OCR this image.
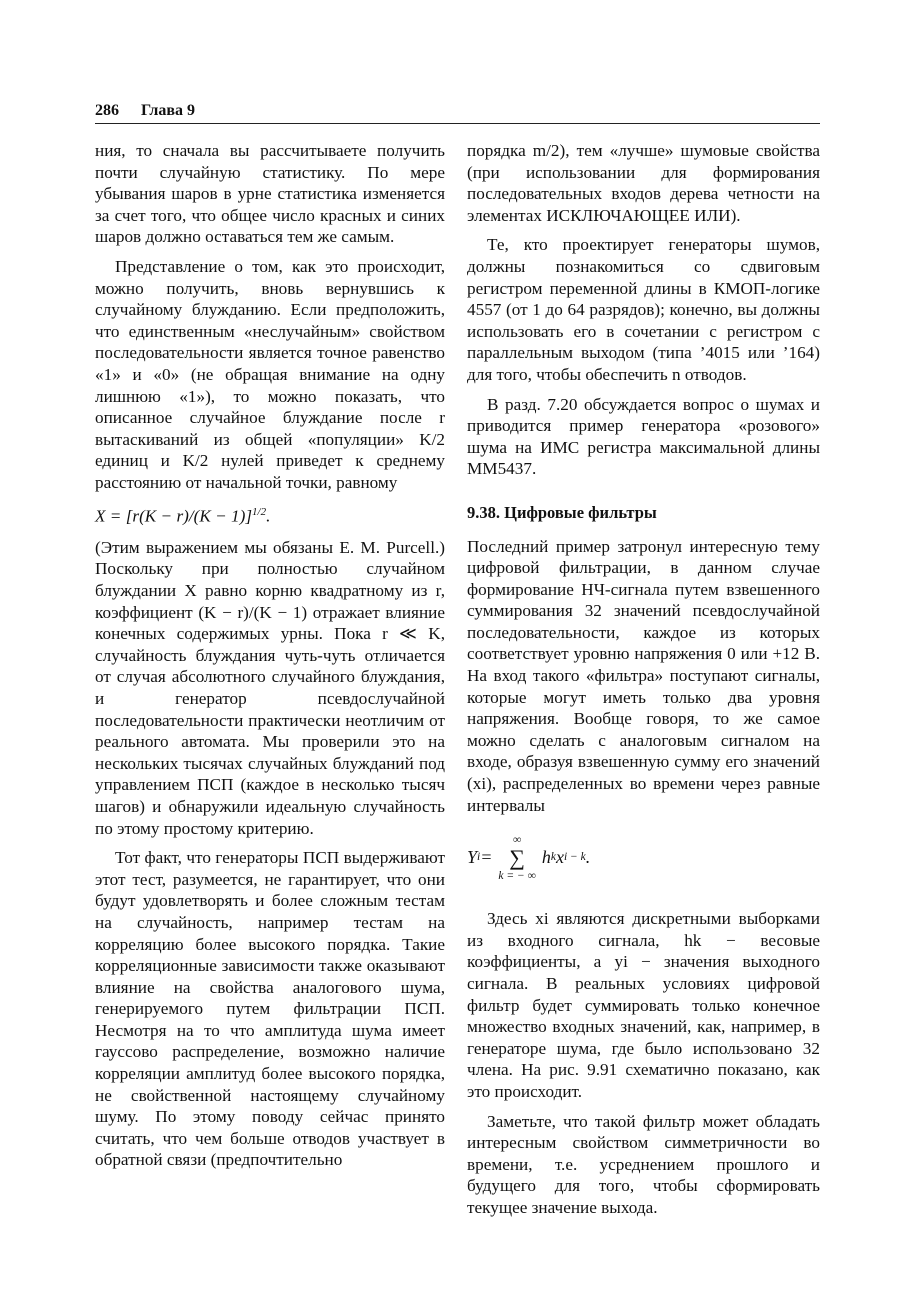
286 Глава 9

ния, то сначала вы рассчитываете получить почти случайную статистику. По мере убывания шаров в урне статистика изменяется за счет того, что общее число красных и синих шаров должно оставаться тем же самым.

Представление о том, как это происходит, можно получить, вновь вернувшись к случайному блужданию. Если предположить, что единственным «неслучайным» свойством последовательности является точное равенство «1» и «0» (не обращая внимание на одну лишнюю «1»), то можно показать, что описанное случайное блуждание после r вытаскиваний из общей «популяции» K/2 единиц и K/2 нулей приведет к среднему расстоянию от начальной точки, равному

$X = [r(K - r)/(K - 1)]^{1/2}$.

(Этим выражением мы обязаны E. M. Purcell.) Поскольку при полностью случайном блуждании X равно корню квадратному из r, коэффициент (K − r)/(K − 1) отражает влияние конечных содержимых урны. Пока r ≪ K, случайность блуждания чуть-чуть отличается от случая абсолютного случайного блуждания, и генератор псевдослучайной последовательности практически неотличим от реального автомата. Мы проверили это на нескольких тысячах случайных блужданий под управлением ПСП (каждое в несколько тысяч шагов) и обнаружили идеальную случайность по этому простому критерию.

Тот факт, что генераторы ПСП выдерживают этот тест, разумеется, не гарантирует, что они будут удовлетворять и более сложным тестам на случайность, например тестам на корреляцию более высокого порядка. Такие корреляционные зависимости также оказывают влияние на свойства аналогового шума, генерируемого путем фильтрации ПСП. Несмотря на то что амплитуда шума имеет гауссово распределение, возможно наличие корреляции амплитуд более высокого порядка, не свойственной настоящему случайному шуму. По этому поводу сейчас принято считать, что чем больше отводов участвует в обратной связи (предпочтительно

порядка m/2), тем «лучше» шумовые свойства (при использовании для формирования последовательных входов дерева четности на элементах ИСКЛЮЧАЮЩЕЕ ИЛИ).

Те, кто проектирует генераторы шумов, должны познакомиться со сдвиговым регистром переменной длины в КМОП-логике 4557 (от 1 до 64 разрядов); конечно, вы должны использовать его в сочетании с регистром с параллельным выходом (типа ’4015 или ’164) для того, чтобы обеспечить n отводов.

В разд. 7.20 обсуждается вопрос о шумах и приводится пример генератора «розового» шума на ИМС регистра максимальной длины MM5437.

9.38. Цифровые фильтры

Последний пример затронул интересную тему цифровой фильтрации, в данном случае формирование НЧ-сигнала путем взвешенного суммирования 32 значений псевдослучайной последовательности, каждое из которых соответствует уровню напряжения 0 или +12 В. На вход такого «фильтра» поступают сигналы, которые могут иметь только два уровня напряжения. Вообще говоря, то же самое можно сделать с аналоговым сигналом на входе, образуя взвешенную сумму его значений (xi), распределенных во времени через равные интервалы

Y i =
∞
∑
k = − ∞
h k x i − k .

Здесь xi являются дискретными выборками из входного сигнала, hk − весовые коэффициенты, а yi − значения выходного сигнала. В реальных условиях цифровой фильтр будет суммировать только конечное множество входных значений, как, например, в генераторе шума, где было использовано 32 члена. На рис. 9.91 схематично показано, как это происходит.

Заметьте, что такой фильтр может обладать интересным свойством симметричности во времени, т.е. усреднением прошлого и будущего для того, чтобы сформировать текущее значение выхода.
